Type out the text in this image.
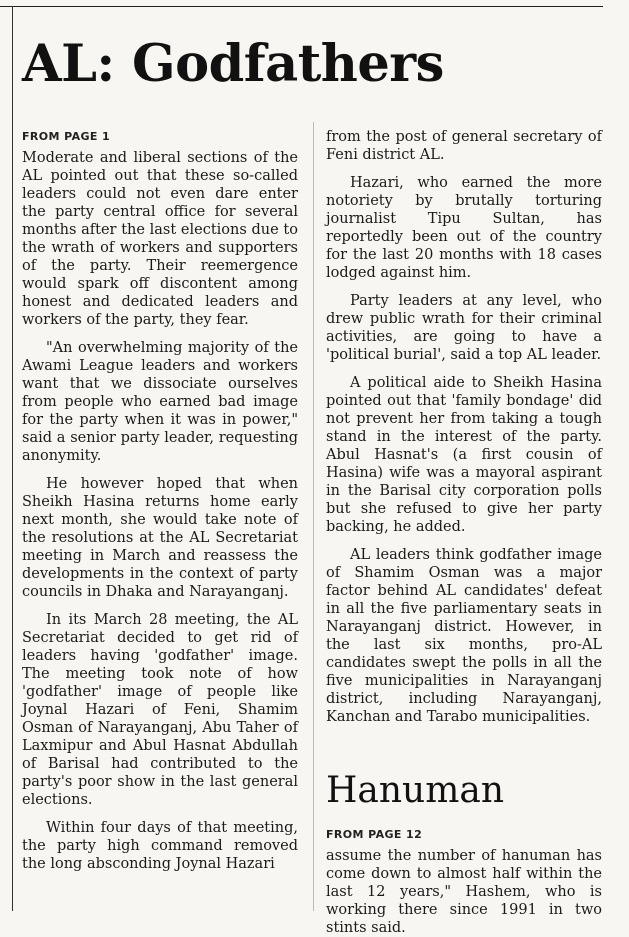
AL: Godfathers
FROM PAGE 1

Moderate and liberal sections of the AL pointed out that these so-called leaders could not even dare enter the party central office for several months after the last elections due to the wrath of workers and supporters of the party. Their reemergence would spark off discontent among honest and dedicated leaders and workers of the party, they fear.

"An overwhelming majority of the Awami League leaders and workers want that we dissociate ourselves from people who earned bad image for the party when it was in power," said a senior party leader, requesting anonymity.

He however hoped that when Sheikh Hasina returns home early next month, she would take note of the resolutions at the AL Secretariat meeting in March and reassess the developments in the context of party councils in Dhaka and Narayanganj.

In its March 28 meeting, the AL Secretariat decided to get rid of leaders having 'godfather' image. The meeting took note of how 'godfather' image of people like Joynal Hazari of Feni, Shamim Osman of Narayanganj, Abu Taher of Laxmipur and Abul Hasnat Abdullah of Barisal had contributed to the party's poor show in the last general elections.

Within four days of that meeting, the party high command removed the long absconding Joynal Hazari

from the post of general secretary of Feni district AL.

Hazari, who earned the more notoriety by brutally torturing journalist Tipu Sultan, has reportedly been out of the country for the last 20 months with 18 cases lodged against him.

Party leaders at any level, who drew public wrath for their criminal activities, are going to have a 'political burial', said a top AL leader.

A political aide to Sheikh Hasina pointed out that 'family bondage' did not prevent her from taking a tough stand in the interest of the party. Abul Hasnat's (a first cousin of Hasina) wife was a mayoral aspirant in the Barisal city corporation polls but she refused to give her party backing, he added.

AL leaders think godfather image of Shamim Osman was a major factor behind AL candidates' defeat in all the five parliamentary seats in Narayanganj district. However, in the last six months, pro-AL candidates swept the polls in all the five municipalities in Narayanganj district, including Narayanganj, Kanchan and Tarabo municipalities.

Hanuman
FROM PAGE 12

assume the number of hanuman has come down to almost half within the last 12 years," Hashem, who is working there since 1991 in two stints said.
